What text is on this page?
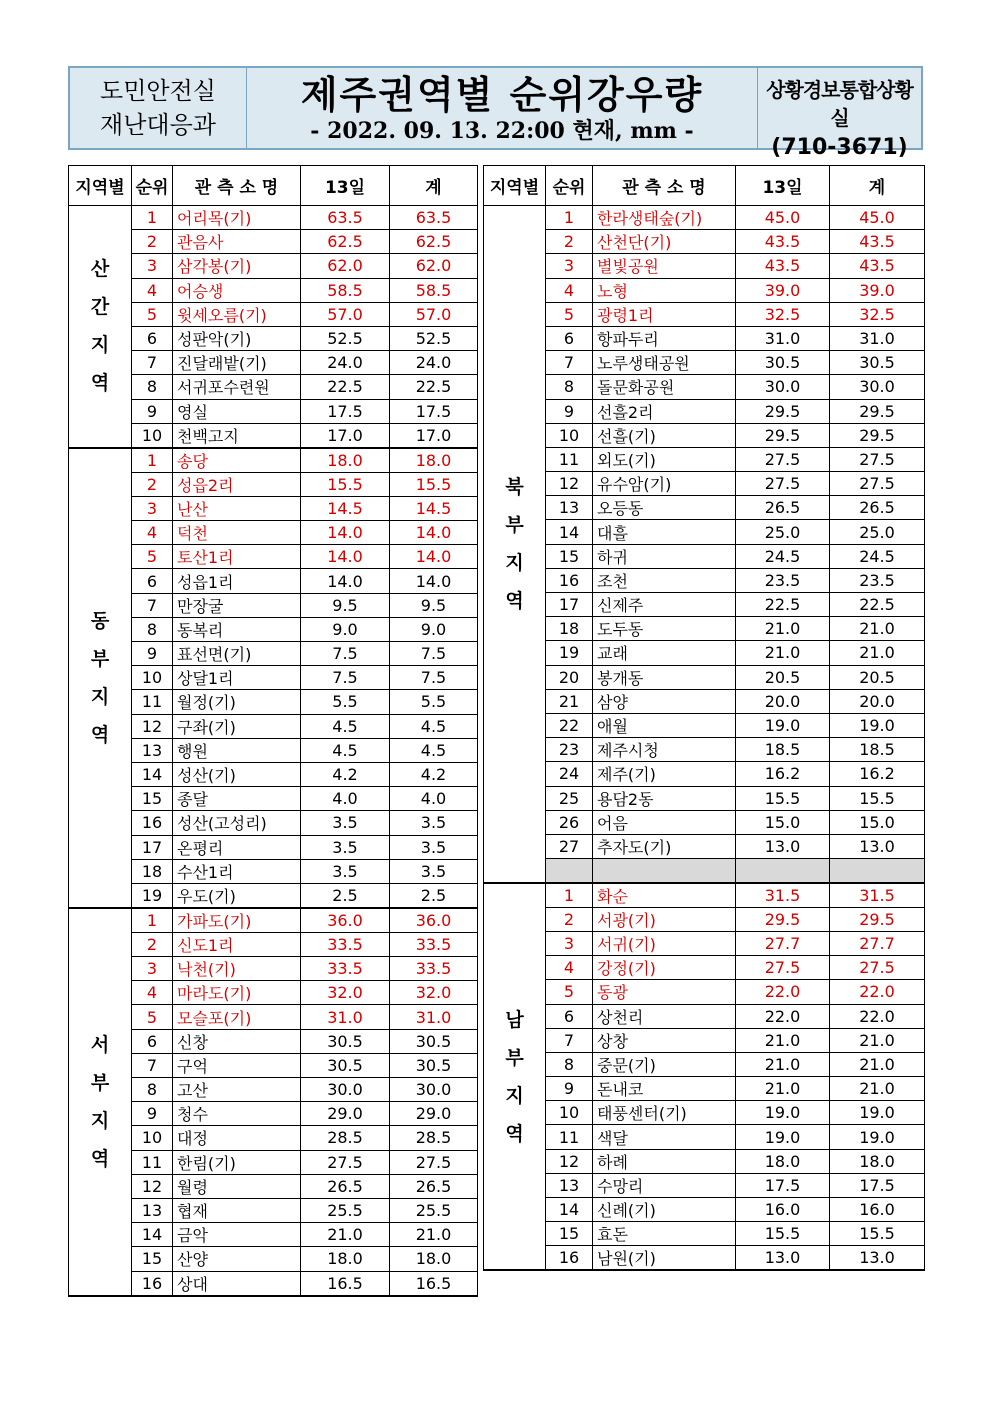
도민안전실
재난대응과
제주권역별 순위강우량
- 2022. 09. 13. 22:00 현재, mm -
상황경보통합상황실
(710-3671)
지역별	순위	관 측 소 명	13일	계

산
간
지
역	1	어리목(기)	63.5	63.5
	2	관음사	62.5	62.5
	3	삼각봉(기)	62.0	62.0
	4	어승생	58.5	58.5
	5	윗세오름(기)	57.0	57.0
	6	성판악(기)	52.5	52.5
	7	진달래밭(기)	24.0	24.0
	8	서귀포수련원	22.5	22.5
	9	영실	17.5	17.5
	10	천백고지	17.0	17.0

동
부
지
역	1	송당	18.0	18.0
	2	성읍2리	15.5	15.5
	3	난산	14.5	14.5
	4	덕천	14.0	14.0
	5	토산1리	14.0	14.0
	6	성읍1리	14.0	14.0
	7	만장굴	9.5	9.5
	8	동복리	9.0	9.0
	9	표선면(기)	7.5	7.5
	10	상달1리	7.5	7.5
	11	월정(기)	5.5	5.5
	12	구좌(기)	4.5	4.5
	13	행원	4.5	4.5
	14	성산(기)	4.2	4.2
	15	종달	4.0	4.0
	16	성산(고성리)	3.5	3.5
	17	온평리	3.5	3.5
	18	수산1리	3.5	3.5
	19	우도(기)	2.5	2.5

서
부
지
역	1	가파도(기)	36.0	36.0
	2	신도1리	33.5	33.5
	3	낙천(기)	33.5	33.5
	4	마라도(기)	32.0	32.0
	5	모슬포(기)	31.0	31.0
	6	신창	30.5	30.5
	7	구억	30.5	30.5
	8	고산	30.0	30.0
	9	청수	29.0	29.0
	10	대정	28.5	28.5
	11	한림(기)	27.5	27.5
	12	월령	26.5	26.5
	13	협재	25.5	25.5
	14	금악	21.0	21.0
	15	산양	18.0	18.0
	16	상대	16.5	16.5
지역별	순위	관 측 소 명	13일	계

북
부
지
역	1	한라생태숲(기)	45.0	45.0
	2	산천단(기)	43.5	43.5
	3	별빛공원	43.5	43.5
	4	노형	39.0	39.0
	5	광령1리	32.5	32.5
	6	항파두리	31.0	31.0
	7	노루생태공원	30.5	30.5
	8	돌문화공원	30.0	30.0
	9	선흘2리	29.5	29.5
	10	선흘(기)	29.5	29.5
	11	외도(기)	27.5	27.5
	12	유수암(기)	27.5	27.5
	13	오등동	26.5	26.5
	14	대흘	25.0	25.0
	15	하귀	24.5	24.5
	16	조천	23.5	23.5
	17	신제주	22.5	22.5
	18	도두동	21.0	21.0
	19	교래	21.0	21.0
	20	봉개동	20.5	20.5
	21	삼양	20.0	20.0
	22	애월	19.0	19.0
	23	제주시청	18.5	18.5
	24	제주(기)	16.2	16.2
	25	용담2동	15.5	15.5
	26	어음	15.0	15.0
	27	추자도(기)	13.0	13.0

남
부
지
역	1	화순	31.5	31.5
	2	서광(기)	29.5	29.5
	3	서귀(기)	27.7	27.7
	4	강정(기)	27.5	27.5
	5	동광	22.0	22.0
	6	상천리	22.0	22.0
	7	상창	21.0	21.0
	8	중문(기)	21.0	21.0
	9	돈내코	21.0	21.0
	10	태풍센터(기)	19.0	19.0
	11	색달	19.0	19.0
	12	하례	18.0	18.0
	13	수망리	17.5	17.5
	14	신례(기)	16.0	16.0
	15	효돈	15.5	15.5
	16	남원(기)	13.0	13.0
